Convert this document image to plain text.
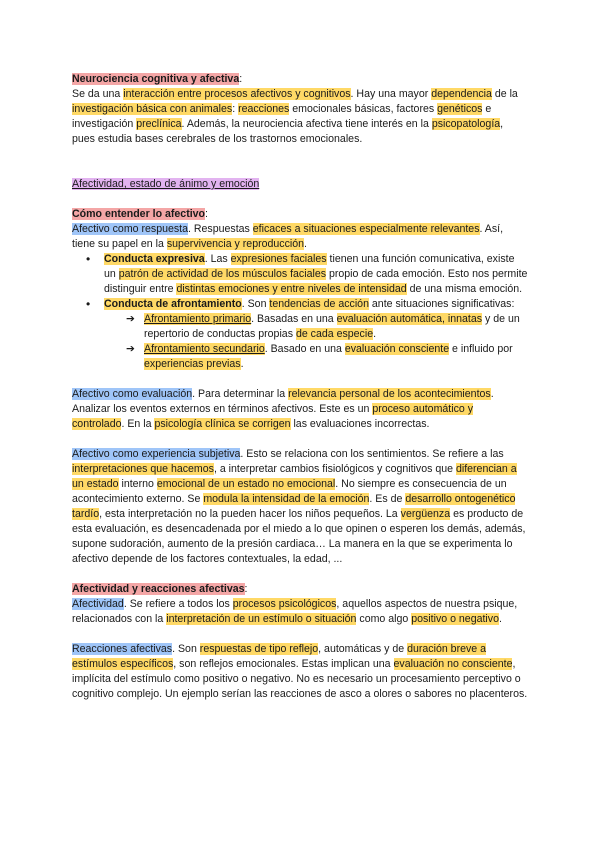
Neurociencia cognitiva y afectiva:

Se da una interacción entre procesos afectivos y cognitivos. Hay una mayor dependencia de la investigación básica con animales: reacciones emocionales básicas, factores genéticos e investigación preclínica. Además, la neurociencia afectiva tiene interés en la psicopatología, pues estudia bases cerebrales de los trastornos emocionales.

Afectividad, estado de ánimo y emoción

Cómo entender lo afectivo:

Afectivo como respuesta. Respuestas eficaces a situaciones especialmente relevantes. Así, tiene su papel en la supervivencia y reproducción.

• Conducta expresiva. Las expresiones faciales tienen una función comunicativa, existe un patrón de actividad de los músculos faciales propio de cada emoción. Esto nos permite distinguir entre distintas emociones y entre niveles de intensidad de una misma emoción.
• Conducta de afrontamiento. Son tendencias de acción ante situaciones significativas:
➔ Afrontamiento primario. Basadas en una evaluación automática, innatas y de un repertorio de conductas propias de cada especie.
➔ Afrontamiento secundario. Basado en una evaluación consciente e influido por experiencias previas.

Afectivo como evaluación. Para determinar la relevancia personal de los acontecimientos. Analizar los eventos externos en términos afectivos. Este es un proceso automático y controlado. En la psicología clínica se corrigen las evaluaciones incorrectas.

Afectivo como experiencia subjetiva. Esto se relaciona con los sentimientos. Se refiere a las interpretaciones que hacemos, a interpretar cambios fisiológicos y cognitivos que diferencian a un estado interno emocional de un estado no emocional. No siempre es consecuencia de un acontecimiento externo. Se modula la intensidad de la emoción. Es de desarrollo ontogenético tardío, esta interpretación no la pueden hacer los niños pequeños. La vergüenza es producto de esta evaluación, es desencadenada por el miedo a lo que opinen o esperen los demás, además, supone sudoración, aumento de la presión cardiaca… La manera en la que se experimenta lo afectivo depende de los factores contextuales, la edad, ...

Afectividad y reacciones afectivas:

Afectividad. Se refiere a todos los procesos psicológicos, aquellos aspectos de nuestra psique, relacionados con la interpretación de un estímulo o situación como algo positivo o negativo.

Reacciones afectivas. Son respuestas de tipo reflejo, automáticas y de duración breve a estímulos específicos, son reflejos emocionales. Estas implican una evaluación no consciente, implícita del estímulo como positivo o negativo. No es necesario un procesamiento perceptivo o cognitivo complejo. Un ejemplo serían las reacciones de asco a olores o sabores no placenteros.
